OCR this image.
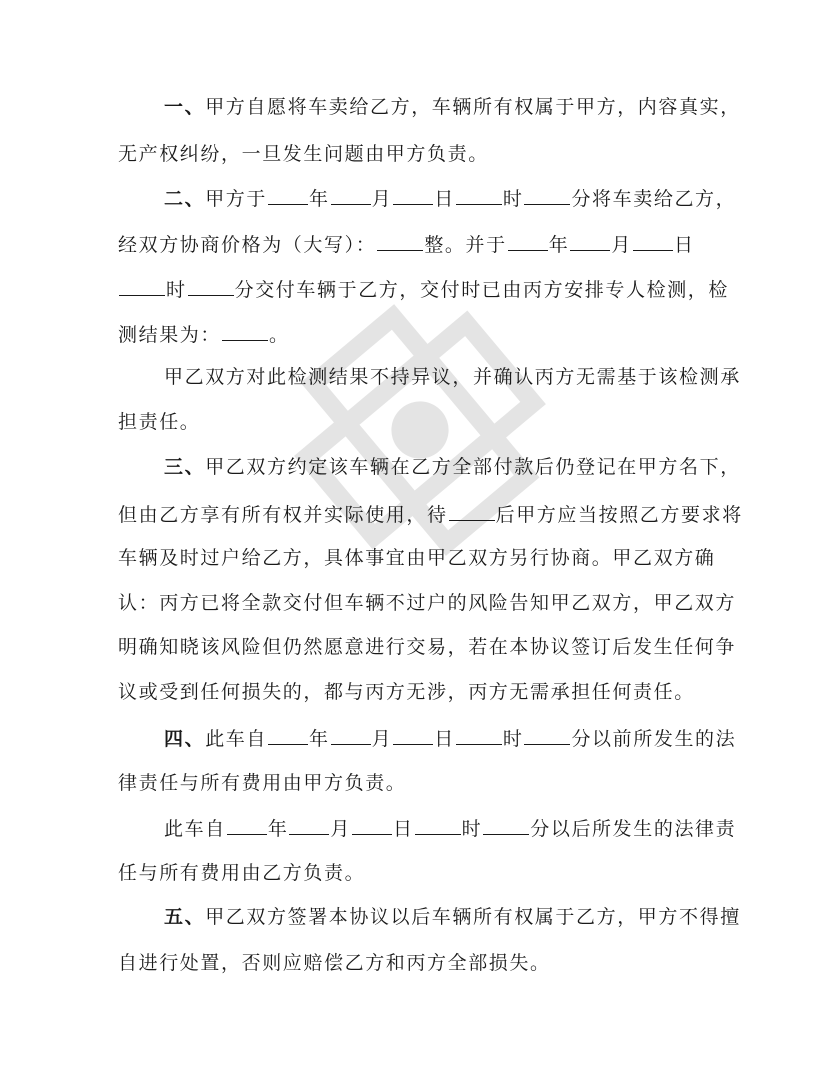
一、甲方自愿将车卖给乙方，车辆所有权属于甲方，内容真实，
无产权纠纷，一旦发生问题由甲方负责。
二、甲方于 年 月 日	时	分将车卖给乙方，
经双方协商价格为（大写）：	整。并于 年 月 日
时	分交付车辆于乙方，交付时已由丙方安排专人检测，检
测结果为：	。
甲乙双方对此检测结果不持异议，并确认丙方无需基于该检测承
担责任。
三、甲乙双方约定该车辆在乙方全部付款后仍登记在甲方名下，
但由乙方享有所有权并实际使用，待	后甲方应当按照乙方要求将
车辆及时过户给乙方，具体事宜由甲乙双方另行协商。甲乙双方确
认：丙方已将全款交付但车辆不过户的风险告知甲乙双方，甲乙双方
明确知晓该风险但仍然愿意进行交易，若在本协议签订后发生任何争
议或受到任何损失的，都与丙方无涉，丙方无需承担任何责任。
四、此车自 年 月 日	时	分以前所发生的法
律责任与所有费用由甲方负责。
此车自 年 月 日	时	分以后所发生的法律责
任与所有费用由乙方负责。
五、甲乙双方签署本协议以后车辆所有权属于乙方，甲方不得擅
自进行处置，否则应赔偿乙方和丙方全部损失。
